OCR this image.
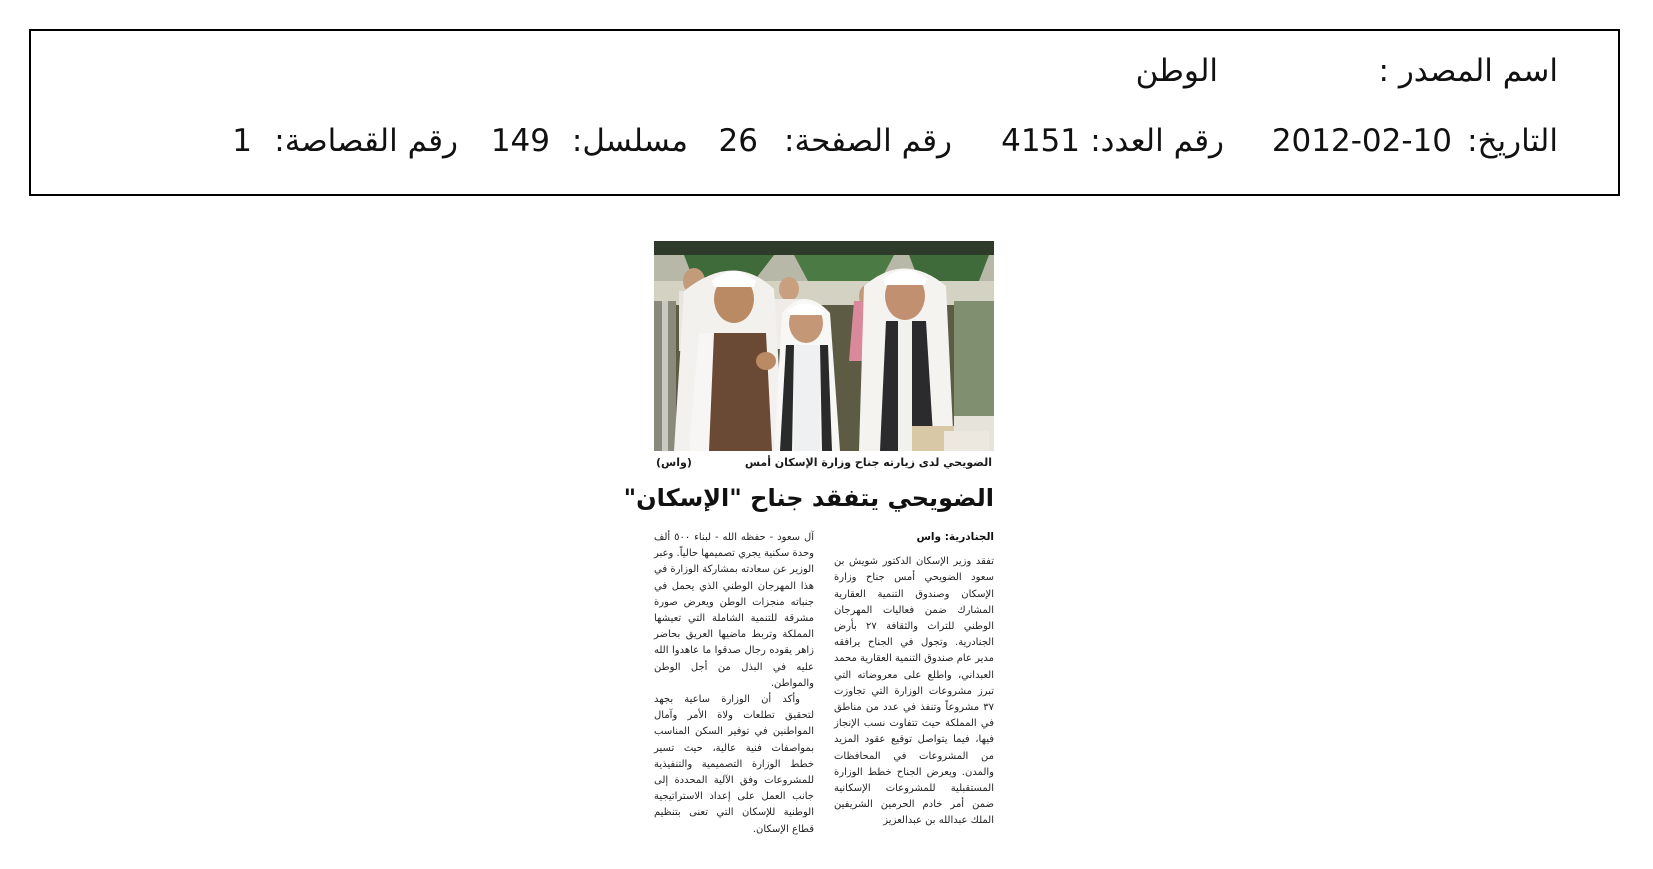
اسم المصدر :
الوطن
التاريخ:
2012-02-10
رقم العدد:
4151
رقم الصفحة:
26
مسلسل:
149
رقم القصاصة:
1
الضويحي لدى زيارته جناح وزارة الإسكان أمس
(واس)
الضويحي يتفقد جناح "الإسكان"
الجنادرية: واس
تفقد وزير الإسكان الدكتور شويش بن سعود الضويحي أمس جناح وزارة الإسكان وصندوق التنمية العقارية المشارك ضمن فعاليات المهرجان الوطني للتراث والثقافة ٢٧ بأرض الجنادرية. وتجول في الجناح يرافقه مدير عام صندوق التنمية العقارية محمد العبداني، واطلع على معروضاته التي تبرز مشروعات الوزارة التي تجاوزت ٣٧ مشروعاً وتنفذ في عدد من مناطق في المملكة حيث تتفاوت نسب الإنجاز فيها، فيما يتواصل توقيع عقود المزيد من المشروعات في المحافظات والمدن. ويعرض الجناح خطط الوزارة المستقبلية للمشروعات الإسكانية ضمن أمر خادم الحرمين الشريفين الملك عبدالله بن عبدالعزيز
آل سعود - حفظه الله - لبناء ٥٠٠ ألف وحدة سكنية يجري تصميمها حالياً. وعبر الوزير عن سعادته بمشاركة الوزارة في هذا المهرجان الوطني الذي يحمل في جنباته منجزات الوطن ويعرض صورة مشرقة للتنمية الشاملة التي تعيشها المملكة وتربط ماضيها العريق بحاضر زاهر يقوده رجال صدقوا ما عاهدوا الله عليه في البذل من أجل الوطن والمواطن.
وأكد أن الوزارة ساعية بجهد لتحقيق تطلعات ولاة الأمر وآمال المواطنين في توفير السكن المناسب بمواصفات فنية عالية، حيث تسير خطط الوزارة التصميمية والتنفيذية للمشروعات وفق الآلية المحددة إلى جانب العمل على إعداد الاستراتيجية الوطنية للإسكان التي تعنى بتنظيم قطاع الإسكان.
